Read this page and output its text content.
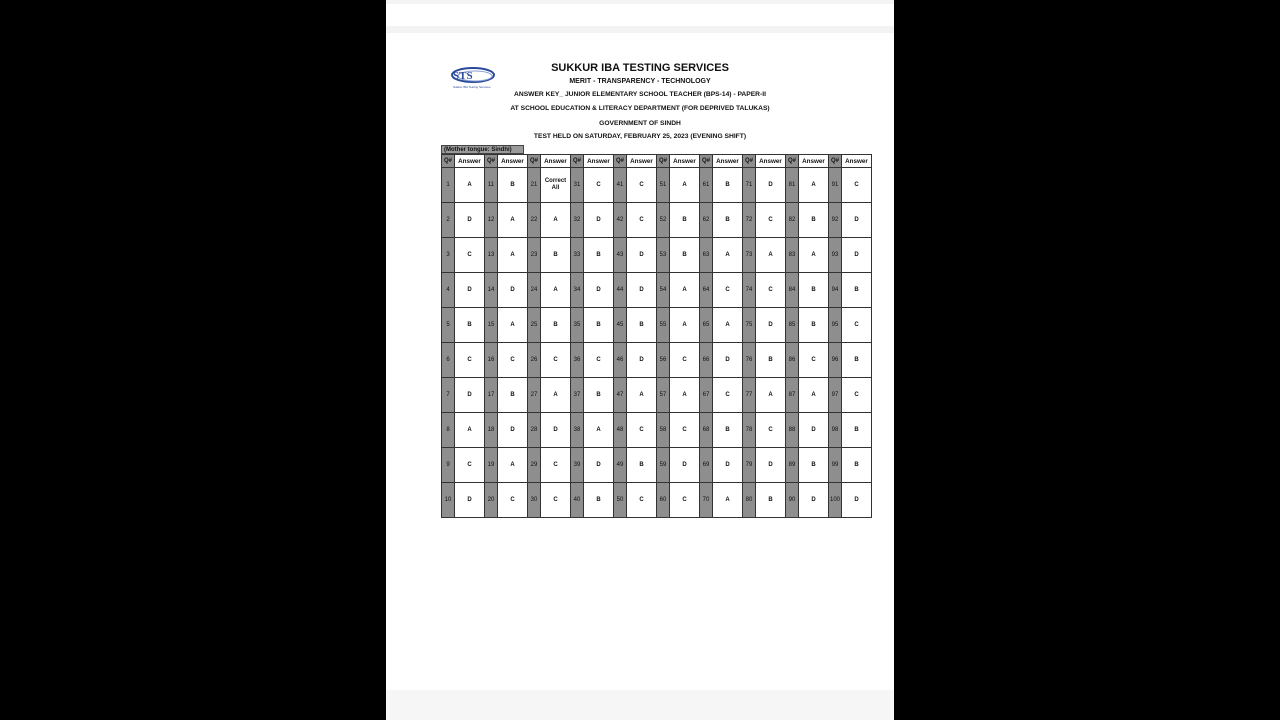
STS
Sukkur IBA Testing Services
SUKKUR IBA TESTING SERVICES
MERIT - TRANSPARENCY - TECHNOLOGY
ANSWER KEY_ JUNIOR ELEMENTARY SCHOOL TEACHER (BPS-14) - PAPER-II
AT SCHOOL EDUCATION & LITERACY DEPARTMENT (FOR DEPRIVED TALUKAS)
GOVERNMENT OF SINDH
TEST HELD ON SATURDAY, FEBRUARY 25, 2023 (EVENING SHIFT)
(Mother tongue: Sindhi)
Q#	Answer	Q#	Answer	Q#	Answer	Q#	Answer	Q#	Answer	Q#	Answer	Q#	Answer	Q#	Answer	Q#	Answer	Q#	Answer
1	A	11	B	21	Correct All	31	C	41	C	51	A	61	B	71	D	81	A	91	C
2	D	12	A	22	A	32	D	42	C	52	B	62	B	72	C	82	B	92	D
3	C	13	A	23	B	33	B	43	D	53	B	63	A	73	A	83	A	93	D
4	D	14	D	24	A	34	D	44	D	54	A	64	C	74	C	84	B	94	B
5	B	15	A	25	B	35	B	45	B	55	A	65	A	75	D	85	B	95	C
6	C	16	C	26	C	36	C	46	D	56	C	66	D	76	B	86	C	96	B
7	D	17	B	27	A	37	B	47	A	57	A	67	C	77	A	87	A	97	C
8	A	18	D	28	D	38	A	48	C	58	C	68	B	78	C	88	D	98	B
9	C	19	A	29	C	39	D	49	B	59	D	69	D	79	D	89	B	99	B
10	D	20	C	30	C	40	B	50	C	60	C	70	A	80	B	90	D	100	D
